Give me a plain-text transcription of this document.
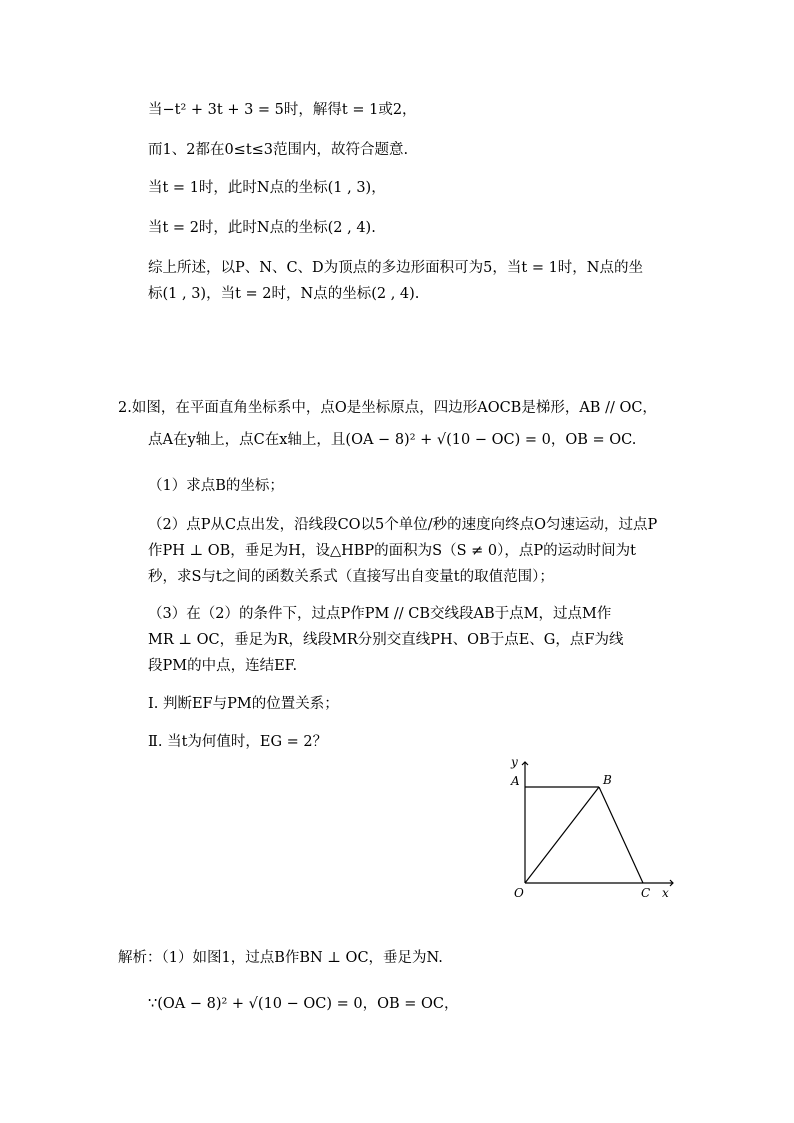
当−t² + 3t + 3 = 5时，解得t = 1或2，
而1、2都在0≤t≤3范围内，故符合题意.
当t = 1时，此时N点的坐标(1 , 3)，
当t = 2时，此时N点的坐标(2 , 4).
综上所述，以P、N、C、D为顶点的多边形面积可为5，当t = 1时，N点的坐
标(1 , 3)，当t = 2时，N点的坐标(2 , 4).
2.如图，在平面直角坐标系中，点O是坐标原点，四边形AOCB是梯形，AB // OC，
点A在y轴上，点C在x轴上，且(OA − 8)² + √(10 − OC) = 0，OB = OC.
（1）求点B的坐标；
（2）点P从C点出发，沿线段CO以5个单位/秒的速度向终点O匀速运动，过点P
作PH ⊥ OB，垂足为H，设△HBP的面积为S（S ≠ 0），点P的运动时间为t
秒，求S与t之间的函数关系式（直接写出自变量t的取值范围）；
（3）在（2）的条件下，过点P作PM // CB交线段AB于点M，过点M作
MR ⊥ OC，垂足为R，线段MR分别交直线PH、OB于点E、G，点F为线
段PM的中点，连结EF.
Ⅰ. 判断EF与PM的位置关系；
Ⅱ. 当t为何值时，EG = 2？
y
A	B
O	C x
解析：（1）如图1，过点B作BN ⊥ OC，垂足为N.
∵(OA − 8)² + √(10 − OC) = 0，OB = OC，
